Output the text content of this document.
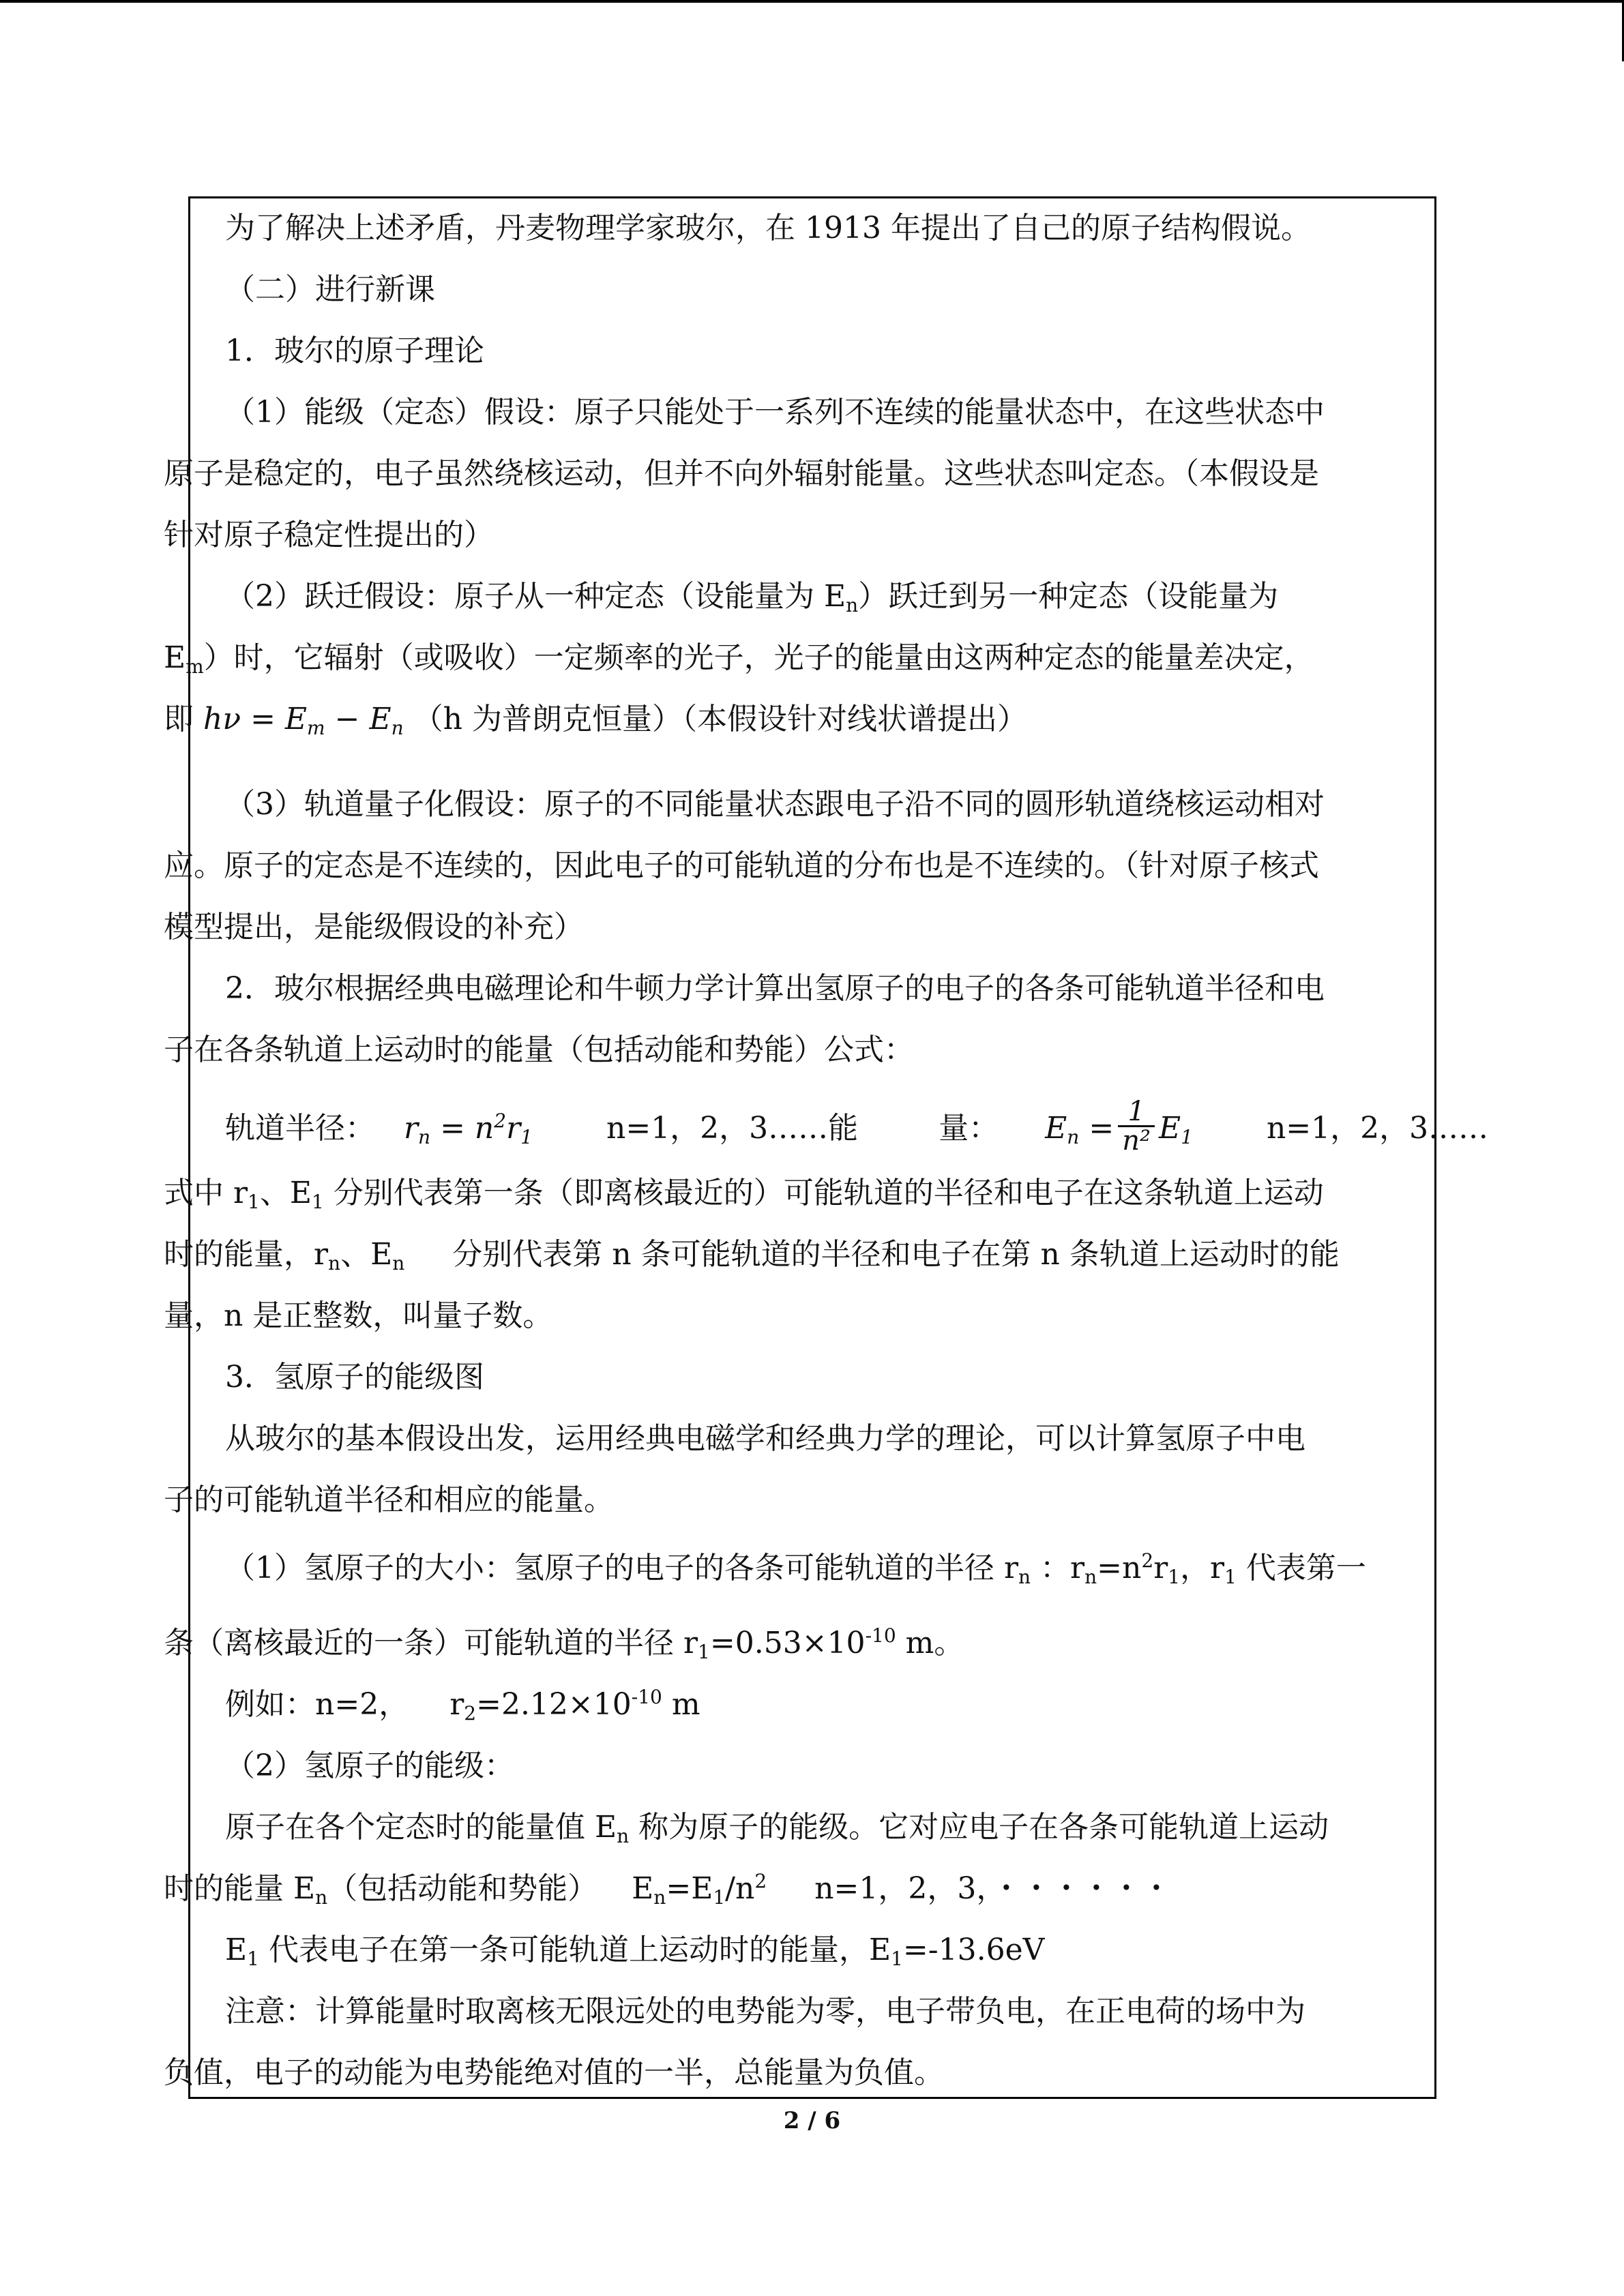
为了解决上述矛盾，丹麦物理学家玻尔，在 1913 年提出了自己的原子结构假说。
（二）进行新课
1．玻尔的原子理论
（1）能级（定态）假设：原子只能处于一系列不连续的能量状态中，在这些状态中
原子是稳定的，电子虽然绕核运动，但并不向外辐射能量。这些状态叫定态。（本假设是
针对原子稳定性提出的）
（2）跃迁假设：原子从一种定态（设能量为 $E_n$）跃迁到另一种定态（设能量为
$E_m$）时，它辐射（或吸收）一定频率的光子，光子的能量由这两种定态的能量差决定，
即 $h\nu = E_m - E_n$ （h 为普朗克恒量）（本假设针对线状谱提出）
（3）轨道量子化假设：原子的不同能量状态跟电子沿不同的圆形轨道绕核运动相对
应。原子的定态是不连续的，因此电子的可能轨道的分布也是不连续的。（针对原子核式
模型提出，是能级假设的补充）
2．玻尔根据经典电磁理论和牛顿力学计算出氢原子的电子的各条可能轨道半径和电
子在各条轨道上运动时的能量（包括动能和势能）公式：
轨道半径： $r_n = n^2r_1$ n=1，2，3……能	量： $E_n = \frac{1}{\text{n²}} E_1$ n=1，2，3……
式中 $r_1$、$E_1$ 分别代表第一条（即离核最近的）可能轨道的半径和电子在这条轨道上运动
时的能量，$r_n$、$E_n$ 分别代表第 n 条可能轨道的半径和电子在第 n 条轨道上运动时的能
量，n 是正整数，叫量子数。
3．氢原子的能级图
从玻尔的基本假设出发，运用经典电磁学和经典力学的理论，可以计算氢原子中电
子的可能轨道半径和相应的能量。
（1）氢原子的大小：氢原子的电子的各条可能轨道的半径 $r_n$ ：$r_n=n^2r_1$，$r_1$ 代表第一
条（离核最近的一条）可能轨道的半径 $r_1=0.53\times 10^{-10}$ m。
例如：n=2， $r_2=2.12\times 10^{-10}$ m
（2）氢原子的能级：
原子在各个定态时的能量值 $E_n$ 称为原子的能级。它对应电子在各条可能轨道上运动
时的能量 $E_n$（包括动能和势能） $E_n=E_1/n^2$ n=1，2，3，・・・・・・
$E_1$ 代表电子在第一条可能轨道上运动时的能量，$E_1=-13.6eV$
注意：计算能量时取离核无限远处的电势能为零，电子带负电，在正电荷的场中为
负值，电子的动能为电势能绝对值的一半，总能量为负值。
2 / 6
